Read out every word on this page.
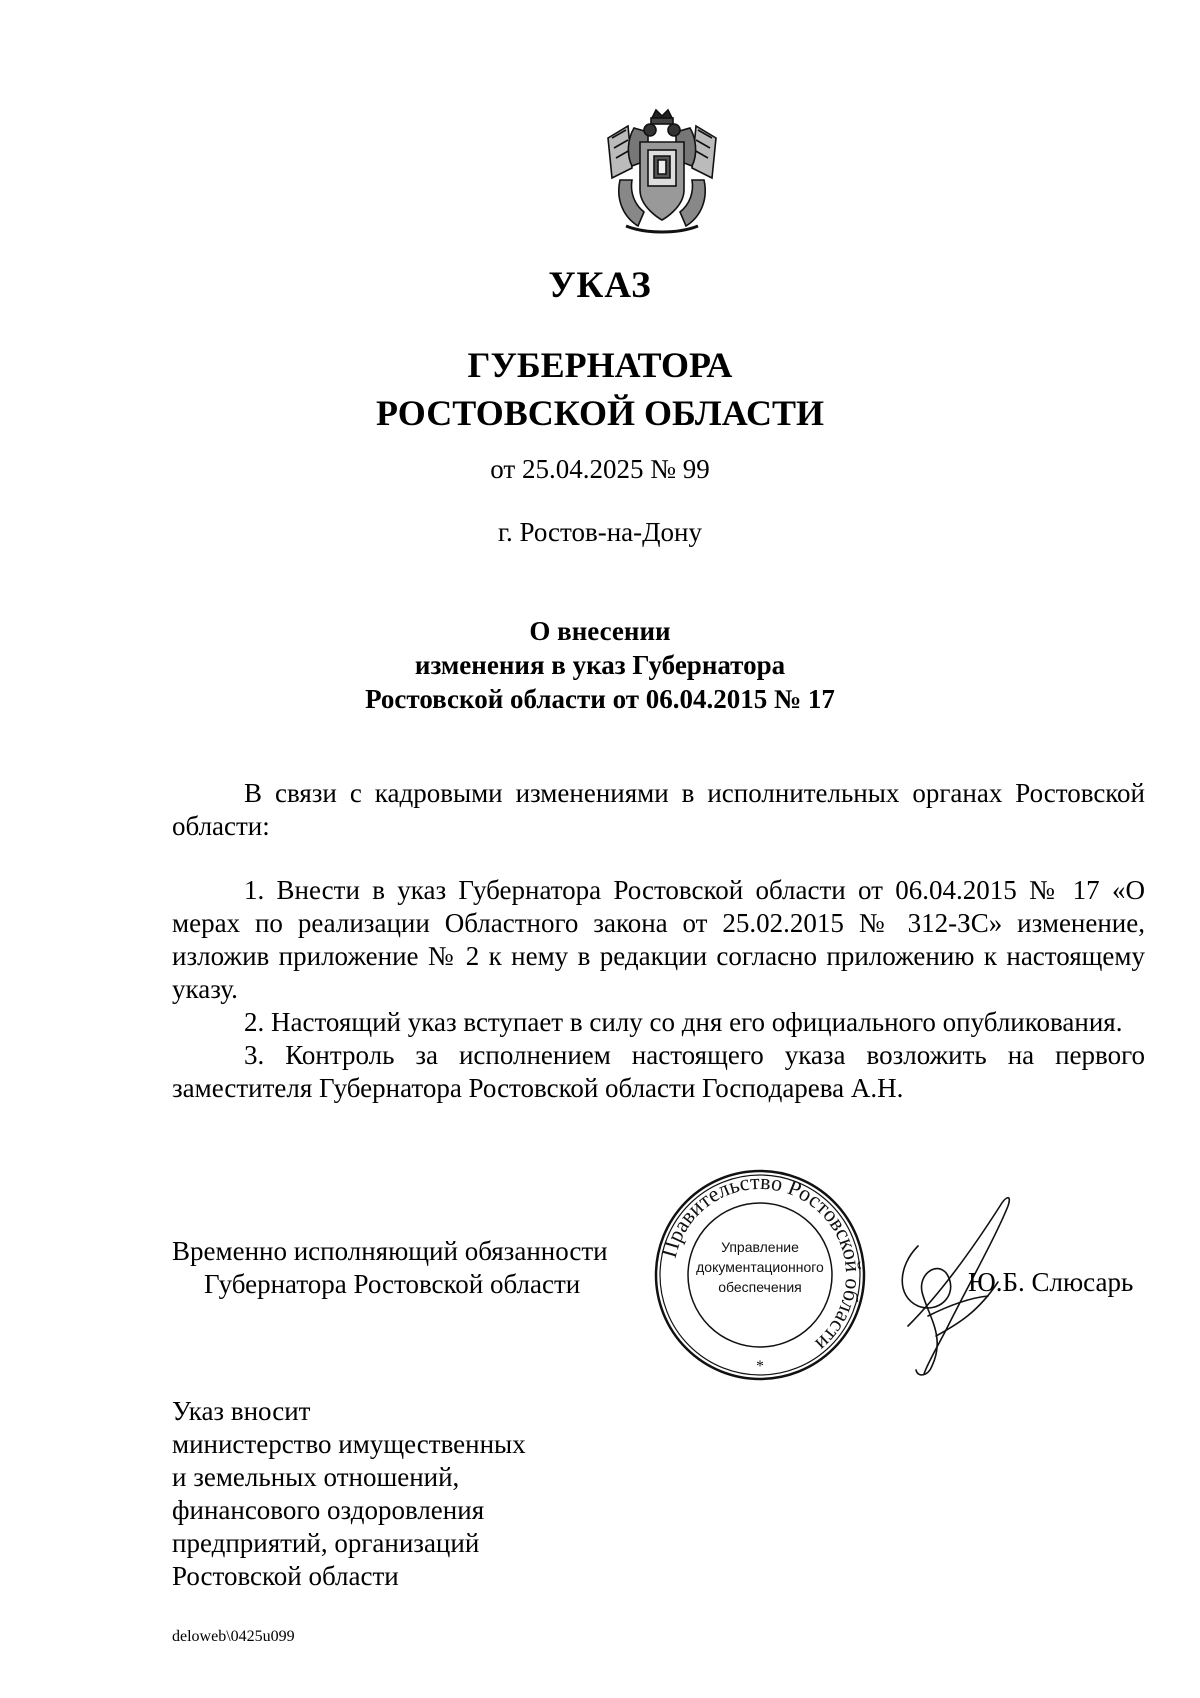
УКАЗ
ГУБЕРНАТОРА
РОСТОВСКОЙ ОБЛАСТИ
от 25.04.2025 № 99
г. Ростов-на-Дону
О внесении
изменения в указ Губернатора
Ростовской области от 06.04.2015 № 17

В связи с кадровыми изменениями в исполнительных органах Ростовской области:

1. Внести в указ Губернатора Ростовской области от 06.04.2015 № 17 «О мерах по реализации Областного закона от 25.02.2015 № 312-ЗС» изменение, изложив приложение № 2 к нему в редакции согласно приложению к настоящему указу.

2. Настоящий указ вступает в силу со дня его официального опубликования.

3. Контроль за исполнением настоящего указа возложить на первого заместителя Губернатора Ростовской области Господарева А.Н.

Временно исполняющий обязанности
Губернатора Ростовской области
Правительство Ростовской области
Управление
документационного
обеспечения
*
Ю.Б. Слюсарь
Указ вносит
министерство имущественных
и земельных отношений,
финансового оздоровления
предприятий, организаций
Ростовской области
deloweb\0425u099
